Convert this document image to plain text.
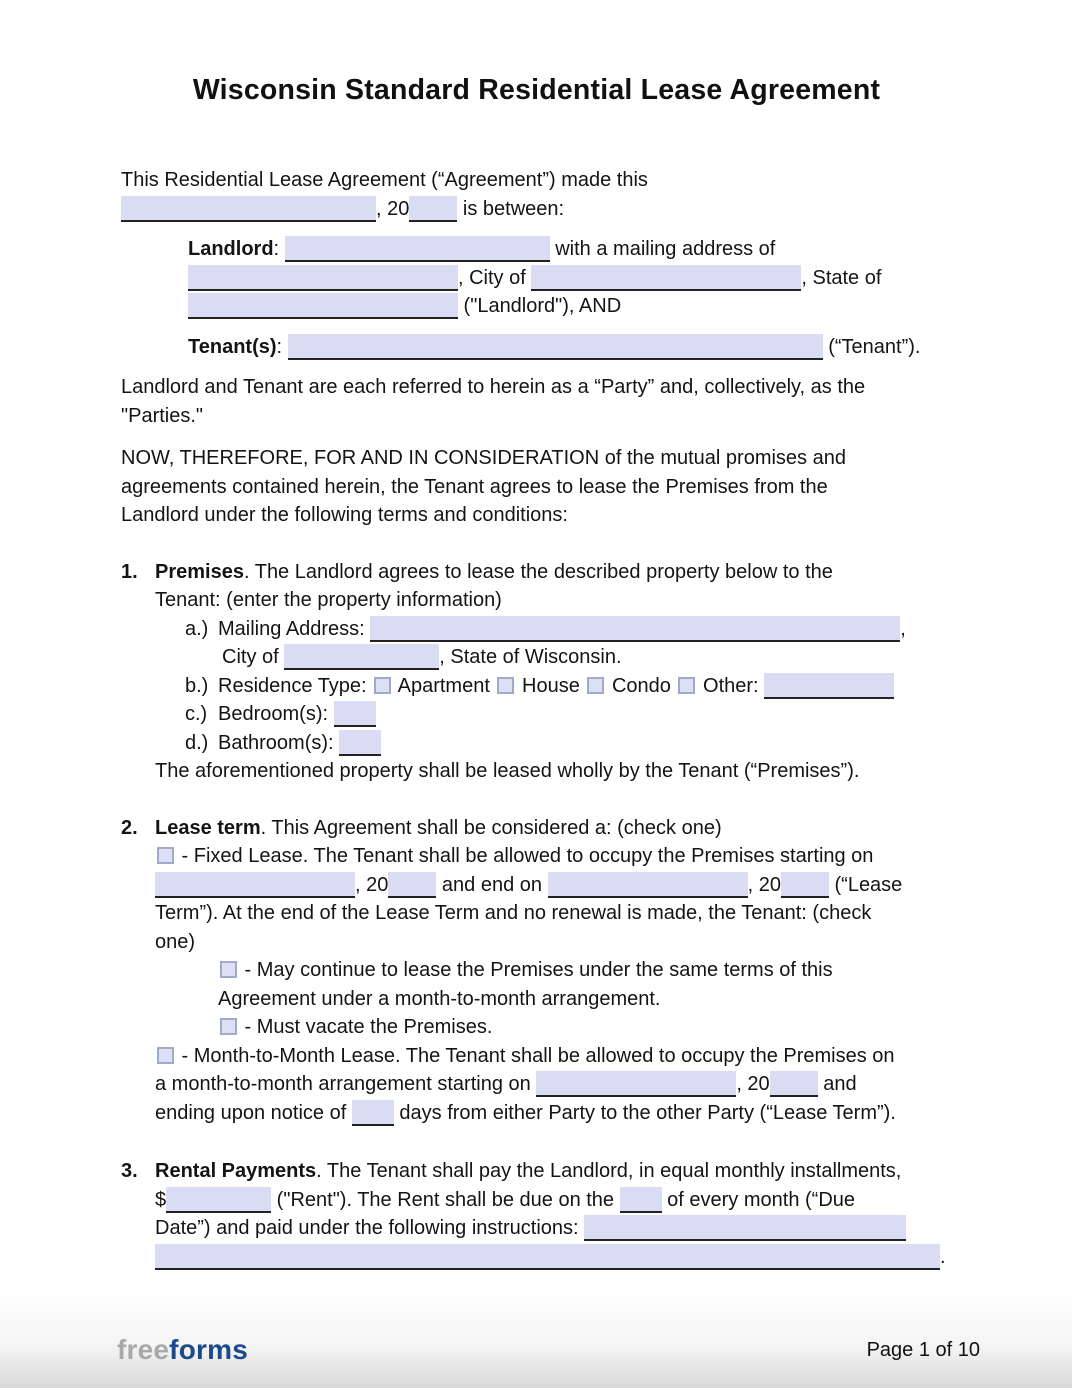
Wisconsin Standard Residential Lease Agreement
This Residential Lease Agreement (“Agreement”) made this
, 20 is between:
Landlord:	with a mailing address of
, City of	, State of
("Landlord"), AND
Tenant(s):	(“Tenant”).
Landlord and Tenant are each referred to herein as a “Party” and, collectively, as the
"Parties."
NOW, THEREFORE, FOR AND IN CONSIDERATION of the mutual promises and
agreements contained herein, the Tenant agrees to lease the Premises from the
Landlord under the following terms and conditions:
1. Premises. The Landlord agrees to lease the described property below to the
Tenant: (enter the property information)
a.) Mailing Address:	,
City of	, State of Wisconsin.
b.) Residence Type:  Apartment  House  Condo  Other:
c.) Bedroom(s):
d.) Bathroom(s):
The aforementioned property shall be leased wholly by the Tenant (“Premises”).
2. Lease term. This Agreement shall be considered a: (check one)
- Fixed Lease. The Tenant shall be allowed to occupy the Premises starting on
, 20 and end on	, 20 (“Lease
Term”). At the end of the Lease Term and no renewal is made, the Tenant: (check
one)
- May continue to lease the Premises under the same terms of this
Agreement under a month-to-month arrangement.
- Must vacate the Premises.
- Month-to-Month Lease. The Tenant shall be allowed to occupy the Premises on
a month-to-month arrangement starting on	, 20 and
ending upon notice of  days from either Party to the other Party (“Lease Term”).
3. Rental Payments. The Tenant shall pay the Landlord, in equal monthly installments,
$	("Rent"). The Rent shall be due on the  of every month (“Due
Date”) and paid under the following instructions:
.
freeforms	Page 1 of 10
